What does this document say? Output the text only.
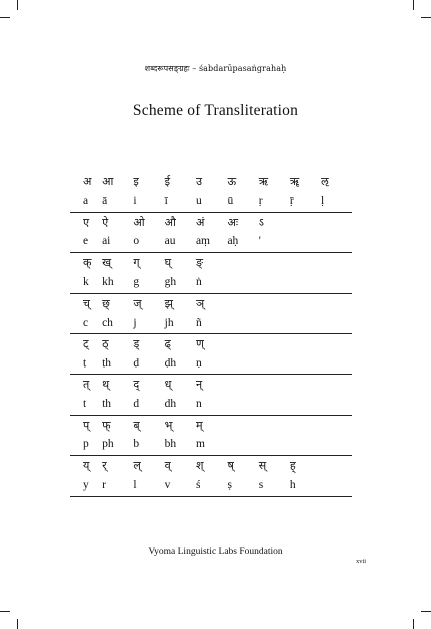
शब्दरूपसङ्ग्रहः – śabdarūpasaṅgrahaḥ
Scheme of Transliteration
अ	आ	इ	ई	उ	ऊ	ऋ	ॠ	ऌ
a	ā	i	ī	u	ū	ṛ	ṝ	ḷ
ए	ऐ	ओ	औ	अं	अः	ऽ		
e	ai	o	au	aṃ	aḥ	'		
क्	ख्	ग्	घ्	ङ्				
k	kh	g	gh	ṅ				
च्	छ्	ज्	झ्	ञ्				
c	ch	j	jh	ñ				
ट्	ठ्	ड्	ढ्	ण्				
ṭ	ṭh	ḍ	ḍh	ṇ				
त्	थ्	द्	ध्	न्				
t	th	d	dh	n				
प्	फ्	ब्	भ्	म्				
p	ph	b	bh	m				
य्	र्	ल्	व्	श्	ष्	स्	ह्	
y	r	l	v	ś	ṣ	s	h	
Vyoma Linguistic Labs Foundation
xvii
